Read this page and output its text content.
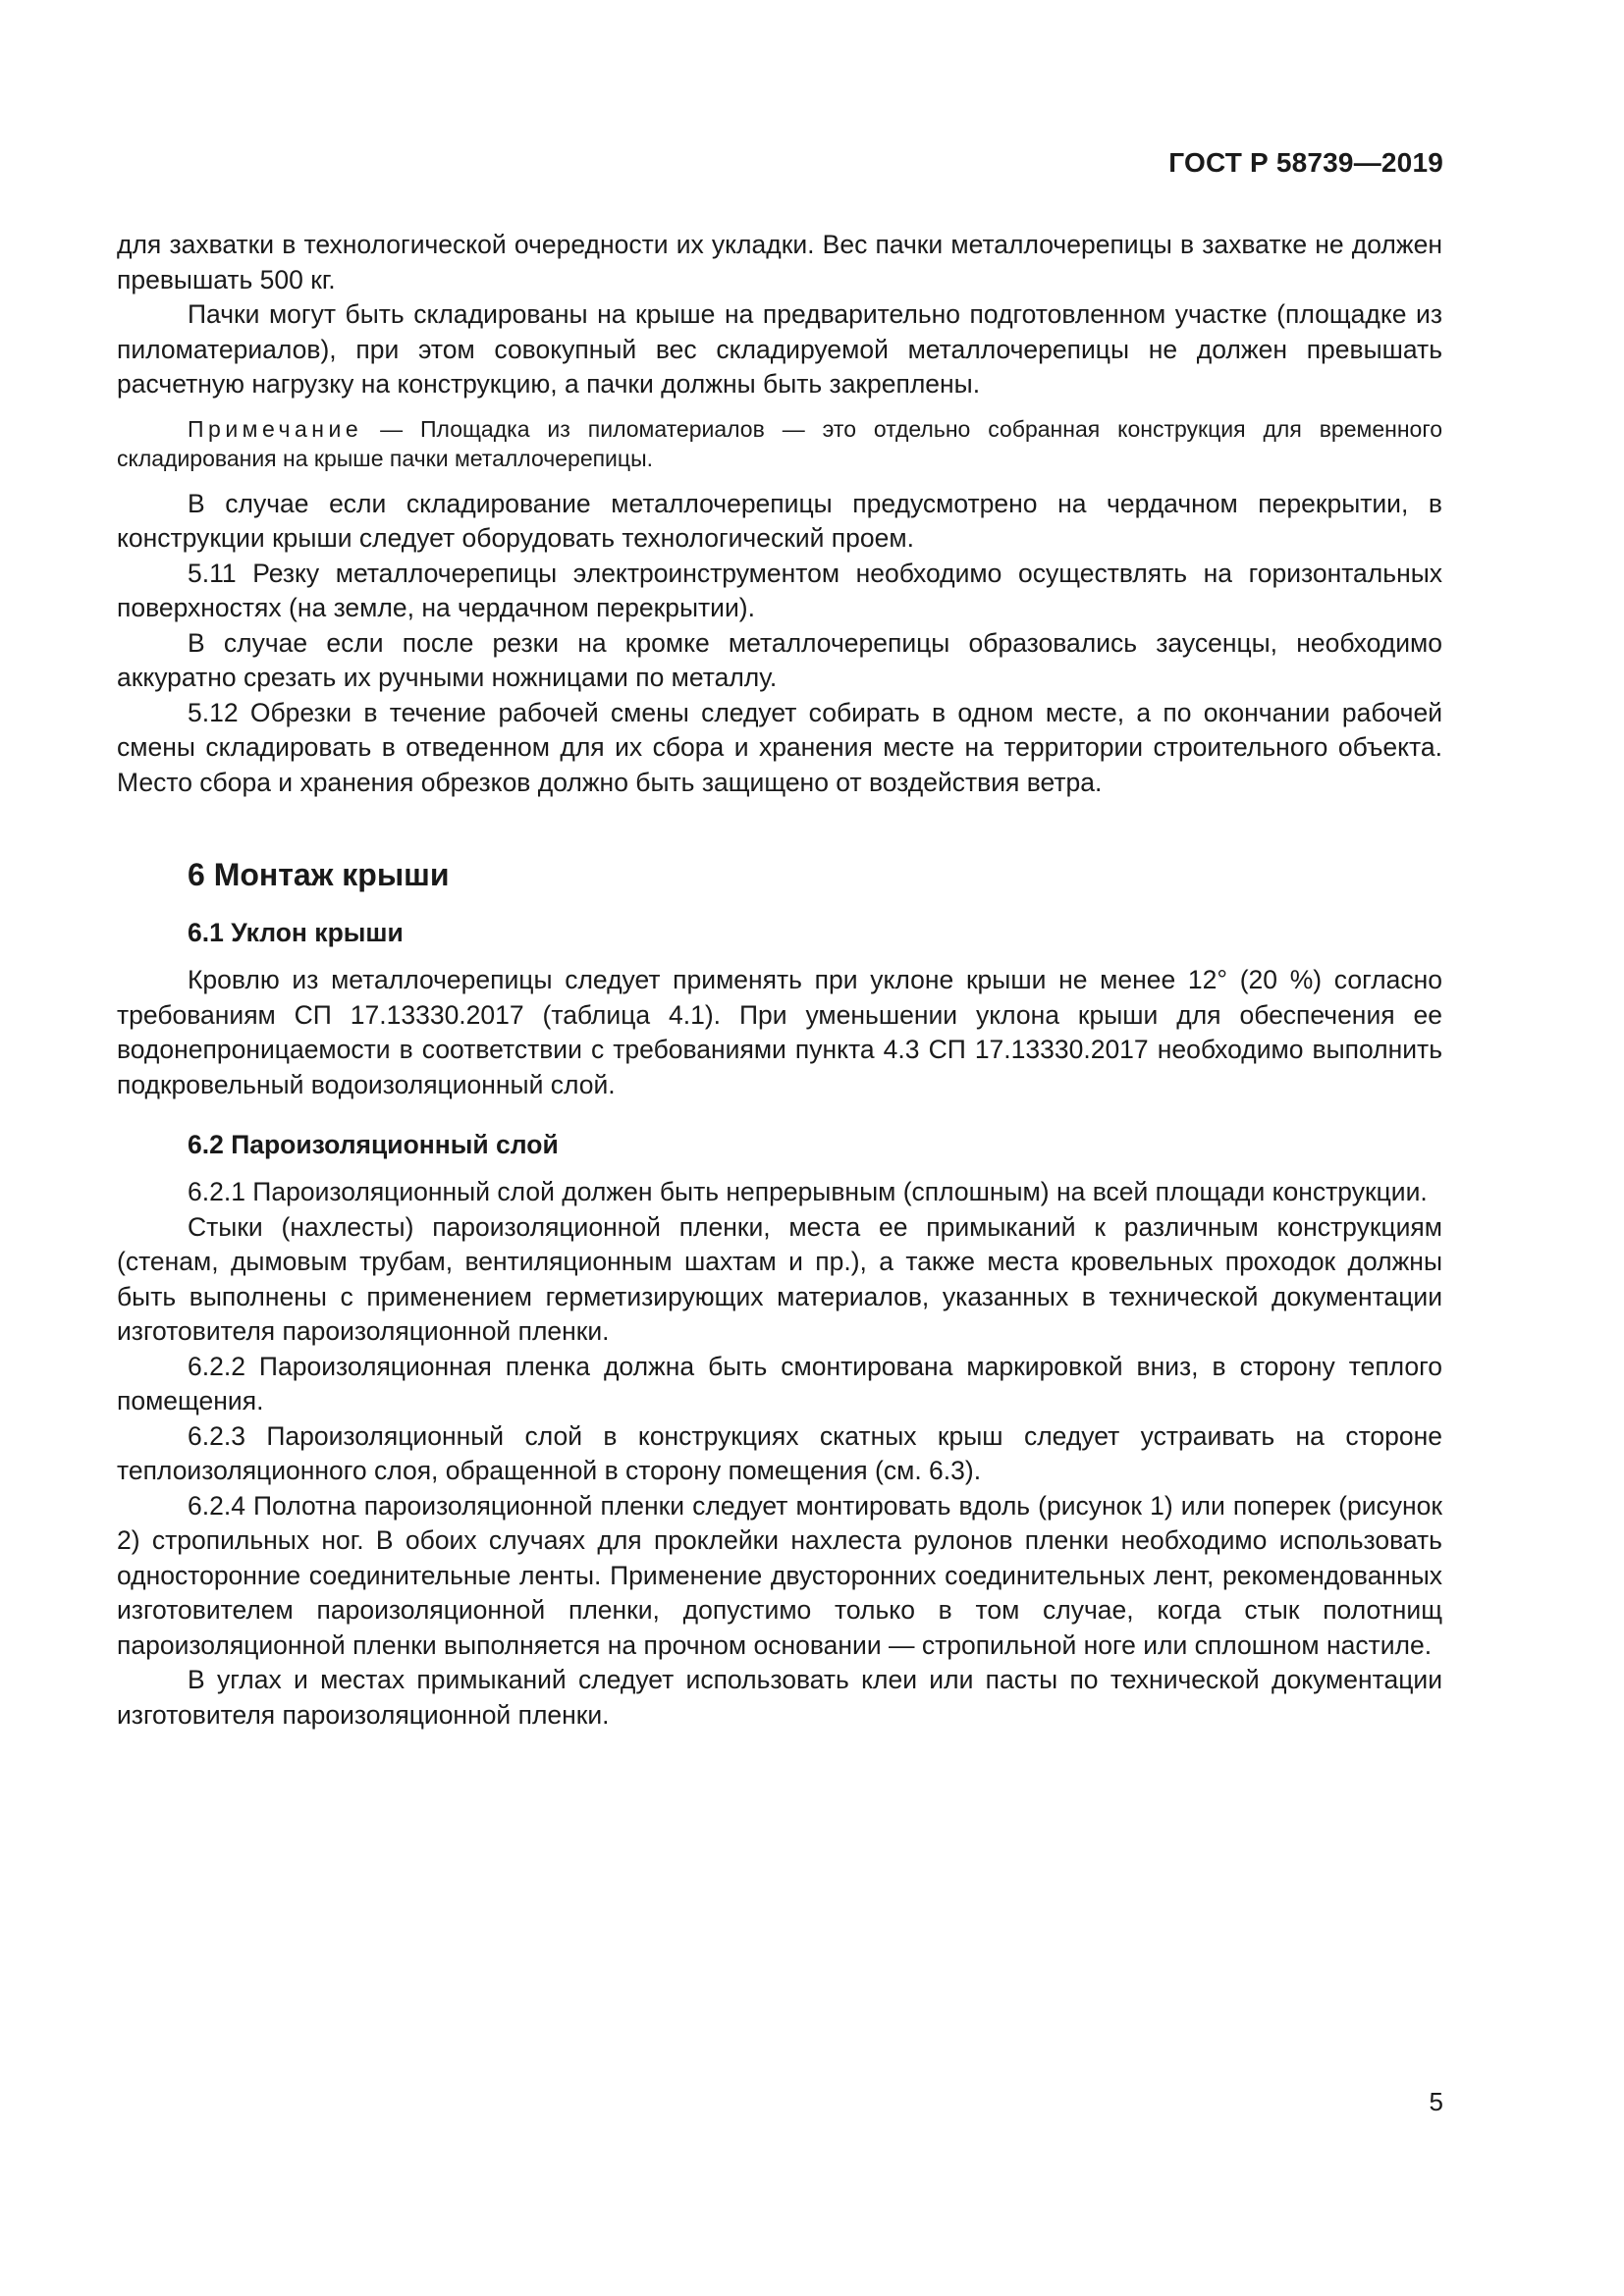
ГОСТ Р 58739—2019

для захватки в технологической очередности их укладки. Вес пачки металлочерепицы в захватке не должен превышать 500 кг.

Пачки могут быть складированы на крыше на предварительно подготовленном участке (площадке из пиломатериалов), при этом совокупный вес складируемой металлочерепицы не должен превышать расчетную нагрузку на конструкцию, а пачки должны быть закреплены.

Примечание — Площадка из пиломатериалов — это отдельно собранная конструкция для временного складирования на крыше пачки металлочерепицы.

В случае если складирование металлочерепицы предусмотрено на чердачном перекрытии, в конструкции крыши следует оборудовать технологический проем.

5.11 Резку металлочерепицы электроинструментом необходимо осуществлять на горизонтальных поверхностях (на земле, на чердачном перекрытии).

В случае если после резки на кромке металлочерепицы образовались заусенцы, необходимо аккуратно срезать их ручными ножницами по металлу.

5.12 Обрезки в течение рабочей смены следует собирать в одном месте, а по окончании рабочей смены складировать в отведенном для их сбора и хранения месте на территории строительного объекта. Место сбора и хранения обрезков должно быть защищено от воздействия ветра.

6 Монтаж крыши
6.1 Уклон крыши

Кровлю из металлочерепицы следует применять при уклоне крыши не менее 12° (20 %) согласно требованиям СП 17.13330.2017 (таблица 4.1). При уменьшении уклона крыши для обеспечения ее водонепроницаемости в соответствии с требованиями пункта 4.3 СП 17.13330.2017 необходимо выполнить подкровельный водоизоляционный слой.

6.2 Пароизоляционный слой

6.2.1 Пароизоляционный слой должен быть непрерывным (сплошным) на всей площади конструкции.

Стыки (нахлесты) пароизоляционной пленки, места ее примыканий к различным конструкциям (стенам, дымовым трубам, вентиляционным шахтам и пр.), а также места кровельных проходок должны быть выполнены с применением герметизирующих материалов, указанных в технической документации изготовителя пароизоляционной пленки.

6.2.2 Пароизоляционная пленка должна быть смонтирована маркировкой вниз, в сторону теплого помещения.

6.2.3 Пароизоляционный слой в конструкциях скатных крыш следует устраивать на стороне теплоизоляционного слоя, обращенной в сторону помещения (см. 6.3).

6.2.4 Полотна пароизоляционной пленки следует монтировать вдоль (рисунок 1) или поперек (рисунок 2) стропильных ног. В обоих случаях для проклейки нахлеста рулонов пленки необходимо использовать односторонние соединительные ленты. Применение двусторонних соединительных лент, рекомендованных изготовителем пароизоляционной пленки, допустимо только в том случае, когда стык полотнищ пароизоляционной пленки выполняется на прочном основании — стропильной ноге или сплошном настиле.

В углах и местах примыканий следует использовать клеи или пасты по технической документации изготовителя пароизоляционной пленки.

5
